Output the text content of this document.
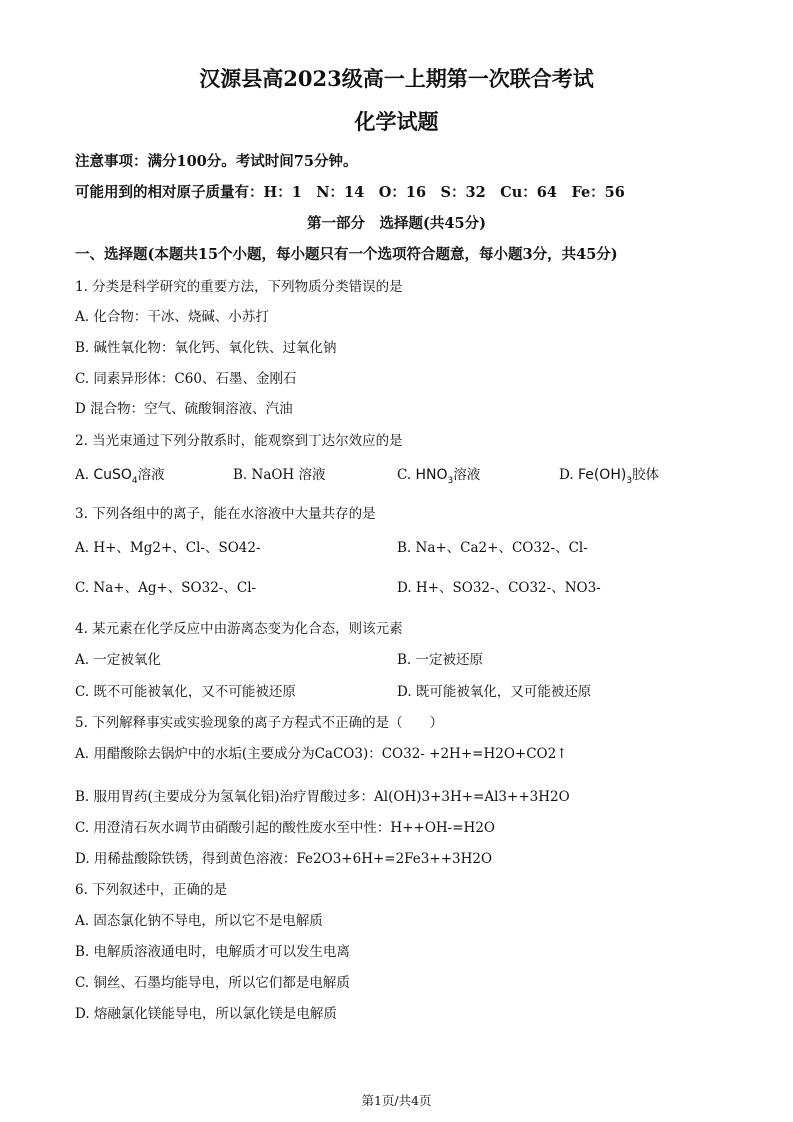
汉源县高2023级高一上期第一次联合考试
化学试题
注意事项：满分100分。考试时间75分钟。
可能用到的相对原子质量有：H：1　N：14　O：16　S：32　Cu：64　Fe：56
第一部分　选择题(共45分)
一、选择题(本题共15个小题，每小题只有一个选项符合题意，每小题3分，共45分)
1. 分类是科学研究的重要方法，下列物质分类错误的是
A. 化合物：干冰、烧碱、小苏打
B. 碱性氧化物：氧化钙、氧化铁、过氧化钠
C. 同素异形体：C60、石墨、金刚石
D 混合物：空气、硫酸铜溶液、汽油
2. 当光束通过下列分散系时，能观察到丁达尔效应的是
A. CuSO$_4$溶液	B. NaOH 溶液	C. $HNO_3$溶液	D. $Fe(OH)_3$胶体
3. 下列各组中的离子，能在水溶液中大量共存的是
A. H+、Mg2+、Cl-、SO42-	B. Na+、Ca2+、CO32-、Cl-
C. Na+、Ag+、SO32-、Cl-	D. H+、SO32-、CO32-、NO3-
4. 某元素在化学反应中由游离态变为化合态，则该元素
A. 一定被氧化	B. 一定被还原
C. 既不可能被氧化，又不可能被还原	D. 既可能被氧化，又可能被还原
5. 下列解释事实或实验现象的离子方程式不正确的是（　　）
A. 用醋酸除去锅炉中的水垢(主要成分为CaCO3)：CO32- +2H+=H2O+CO2↑
B. 服用胃药(主要成分为氢氧化铝)治疗胃酸过多：Al(OH)3+3H+=Al3++3H2O
C. 用澄清石灰水调节由硝酸引起的酸性废水至中性：H++OH-=H2O
D. 用稀盐酸除铁锈，得到黄色溶液：Fe2O3+6H+=2Fe3++3H2O
6. 下列叙述中，正确的是
A. 固态氯化钠不导电，所以它不是电解质
B. 电解质溶液通电时，电解质才可以发生电离
C. 铜丝、石墨均能导电，所以它们都是电解质
D. 熔融氯化镁能导电，所以氯化镁是电解质
第1页/共4页
